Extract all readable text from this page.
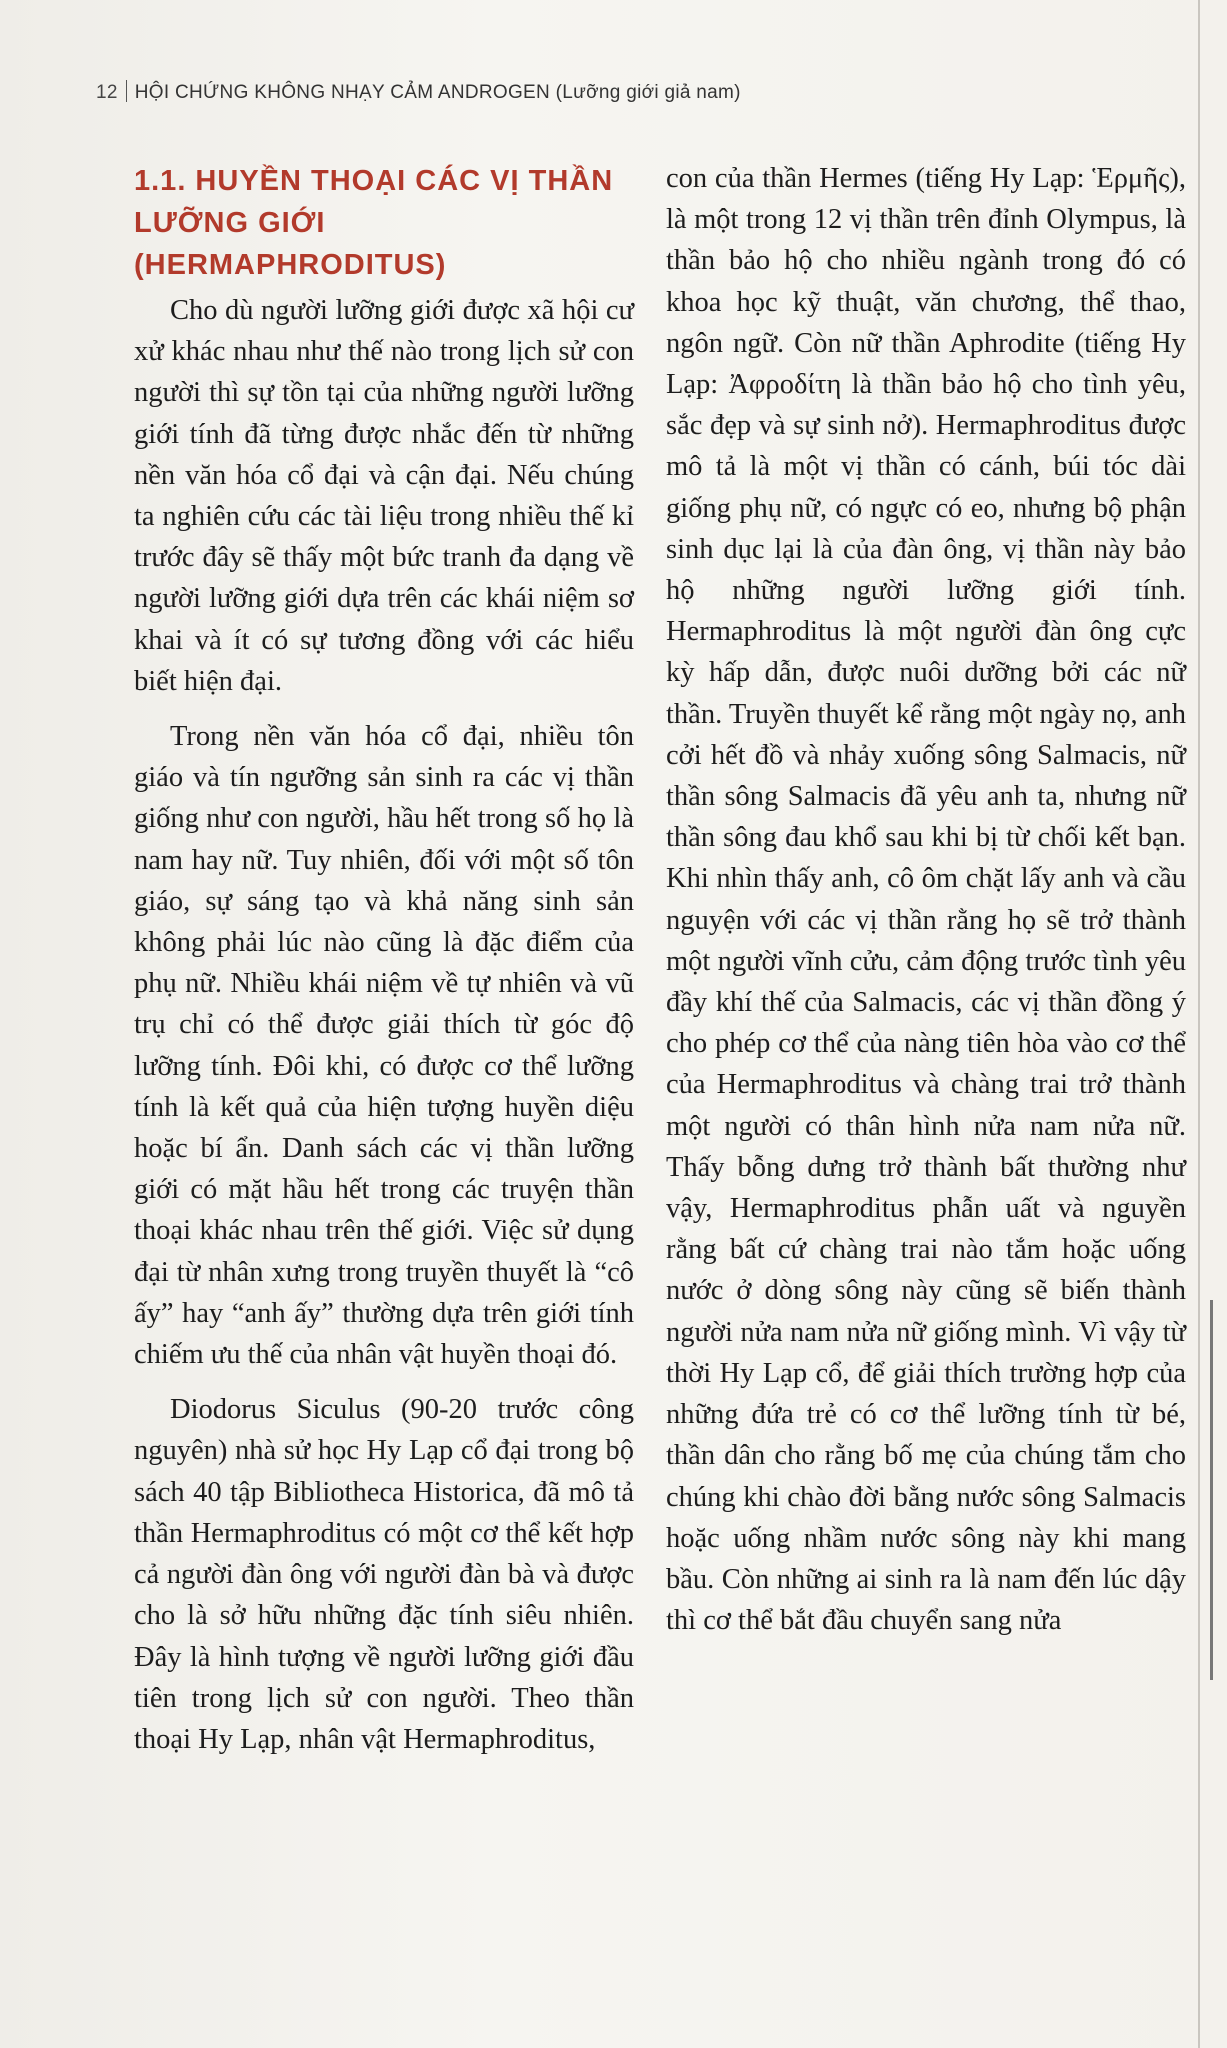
12 HỘI CHỨNG KHÔNG NHẠY CẢM ANDROGEN (Lưỡng giới giả nam)
1.1. HUYỀN THOẠI CÁC VỊ THẦN LƯỠNG GIỚI (HERMAPHRODITUS)

Cho dù người lưỡng giới được xã hội cư xử khác nhau như thế nào trong lịch sử con người thì sự tồn tại của những người lưỡng giới tính đã từng được nhắc đến từ những nền văn hóa cổ đại và cận đại. Nếu chúng ta nghiên cứu các tài liệu trong nhiều thế kỉ trước đây sẽ thấy một bức tranh đa dạng về người lưỡng giới dựa trên các khái niệm sơ khai và ít có sự tương đồng với các hiểu biết hiện đại.

Trong nền văn hóa cổ đại, nhiều tôn giáo và tín ngưỡng sản sinh ra các vị thần giống như con người, hầu hết trong số họ là nam hay nữ. Tuy nhiên, đối với một số tôn giáo, sự sáng tạo và khả năng sinh sản không phải lúc nào cũng là đặc điểm của phụ nữ. Nhiều khái niệm về tự nhiên và vũ trụ chỉ có thể được giải thích từ góc độ lưỡng tính. Đôi khi, có được cơ thể lưỡng tính là kết quả của hiện tượng huyền diệu hoặc bí ẩn. Danh sách các vị thần lưỡng giới có mặt hầu hết trong các truyện thần thoại khác nhau trên thế giới. Việc sử dụng đại từ nhân xưng trong truyền thuyết là “cô ấy” hay “anh ấy” thường dựa trên giới tính chiếm ưu thế của nhân vật huyền thoại đó.

Diodorus Siculus (90-20 trước công nguyên) nhà sử học Hy Lạp cổ đại trong bộ sách 40 tập Bibliotheca Historica, đã mô tả thần Hermaphroditus có một cơ thể kết hợp cả người đàn ông với người đàn bà và được cho là sở hữu những đặc tính siêu nhiên. Đây là hình tượng về người lưỡng giới đầu tiên trong lịch sử con người. Theo thần thoại Hy Lạp, nhân vật Hermaphroditus,

con của thần Hermes (tiếng Hy Lạp: Ἑρμῆς), là một trong 12 vị thần trên đỉnh Olympus, là thần bảo hộ cho nhiều ngành trong đó có khoa học kỹ thuật, văn chương, thể thao, ngôn ngữ. Còn nữ thần Aphrodite (tiếng Hy Lạp: Ἀφροδίτη là thần bảo hộ cho tình yêu, sắc đẹp và sự sinh nở). Hermaphroditus được mô tả là một vị thần có cánh, búi tóc dài giống phụ nữ, có ngực có eo, nhưng bộ phận sinh dục lại là của đàn ông, vị thần này bảo hộ những người lưỡng giới tính. Hermaphroditus là một người đàn ông cực kỳ hấp dẫn, được nuôi dưỡng bởi các nữ thần. Truyền thuyết kể rằng một ngày nọ, anh cởi hết đồ và nhảy xuống sông Salmacis, nữ thần sông Salmacis đã yêu anh ta, nhưng nữ thần sông đau khổ sau khi bị từ chối kết bạn. Khi nhìn thấy anh, cô ôm chặt lấy anh và cầu nguyện với các vị thần rằng họ sẽ trở thành một người vĩnh cửu, cảm động trước tình yêu đầy khí thế của Salmacis, các vị thần đồng ý cho phép cơ thể của nàng tiên hòa vào cơ thể của Hermaphroditus và chàng trai trở thành một người có thân hình nửa nam nửa nữ. Thấy bỗng dưng trở thành bất thường như vậy, Hermaphroditus phẫn uất và nguyền rằng bất cứ chàng trai nào tắm hoặc uống nước ở dòng sông này cũng sẽ biến thành người nửa nam nửa nữ giống mình. Vì vậy từ thời Hy Lạp cổ, để giải thích trường hợp của những đứa trẻ có cơ thể lưỡng tính từ bé, thần dân cho rằng bố mẹ của chúng tắm cho chúng khi chào đời bằng nước sông Salmacis hoặc uống nhầm nước sông này khi mang bầu. Còn những ai sinh ra là nam đến lúc dậy thì cơ thể bắt đầu chuyển sang nửa
